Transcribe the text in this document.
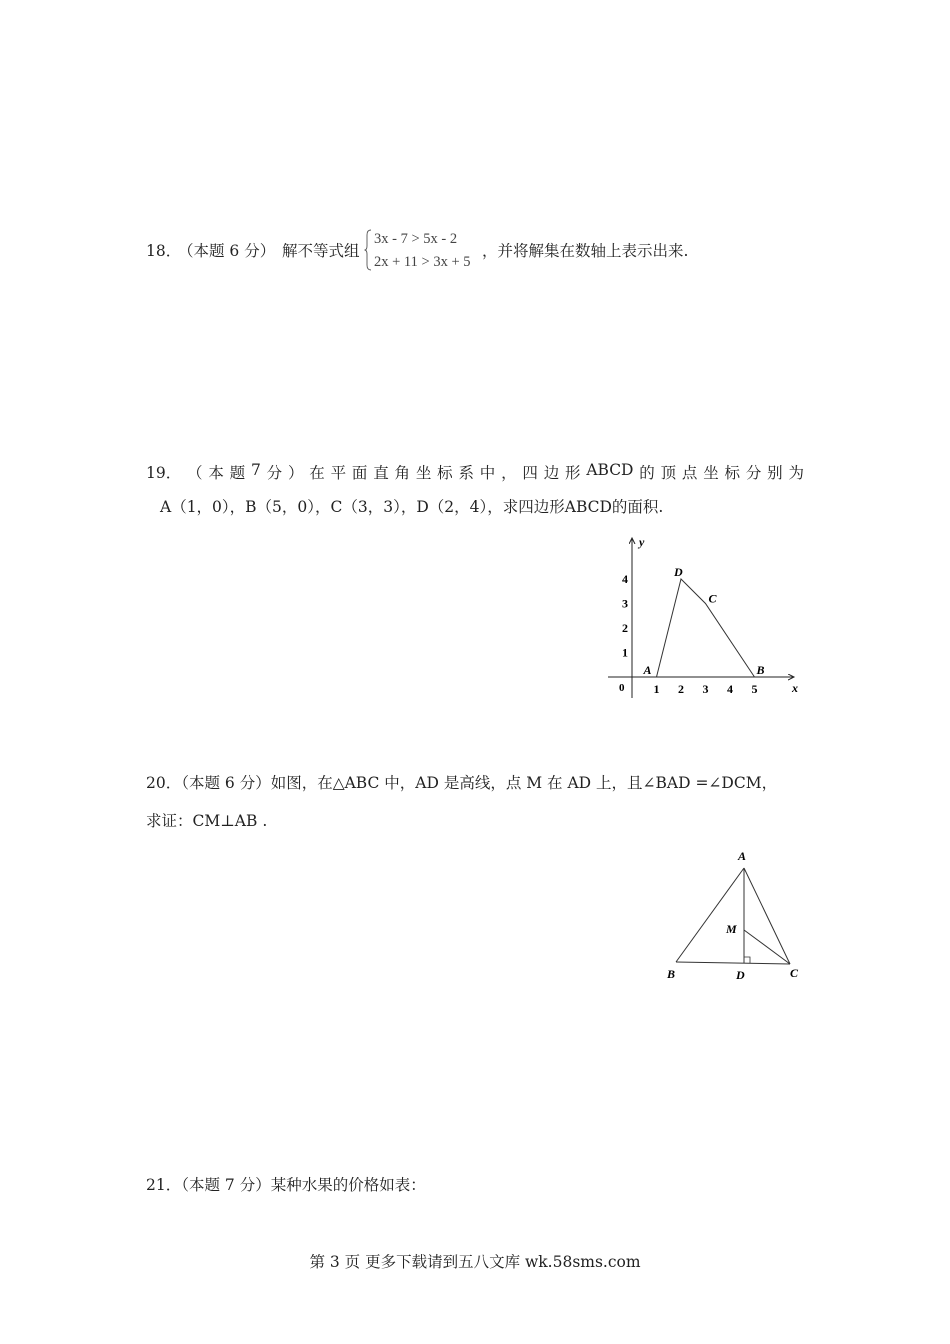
18．
（本题 6 分） 解不等式组
3x - 7 > 5x - 2
2x + 11 > 3x + 5
，并将解集在数轴上表示出来.
19． （ 本 题 7 分 ） 在 平 面 直 角 坐 标 系 中 ， 四 边 形 ABCD 的 顶 点 坐 标 分 别 为
A（1，0），B（5，0），C（3，3），D（2，4），求四边形ABCD的面积.
x
y
0 1 2 3 4 5
1
2
3
4
A	B
C
D
20．（本题 6 分）如图，在△ABC 中，AD 是高线，点 M 在 AD 上，且∠BAD =∠DCM，
求证：CM⊥AB .
A
B	C
D
M
21．（本题 7 分）某种水果的价格如表：
第 3 页 更多下载请到五八文库 wk.58sms.com
